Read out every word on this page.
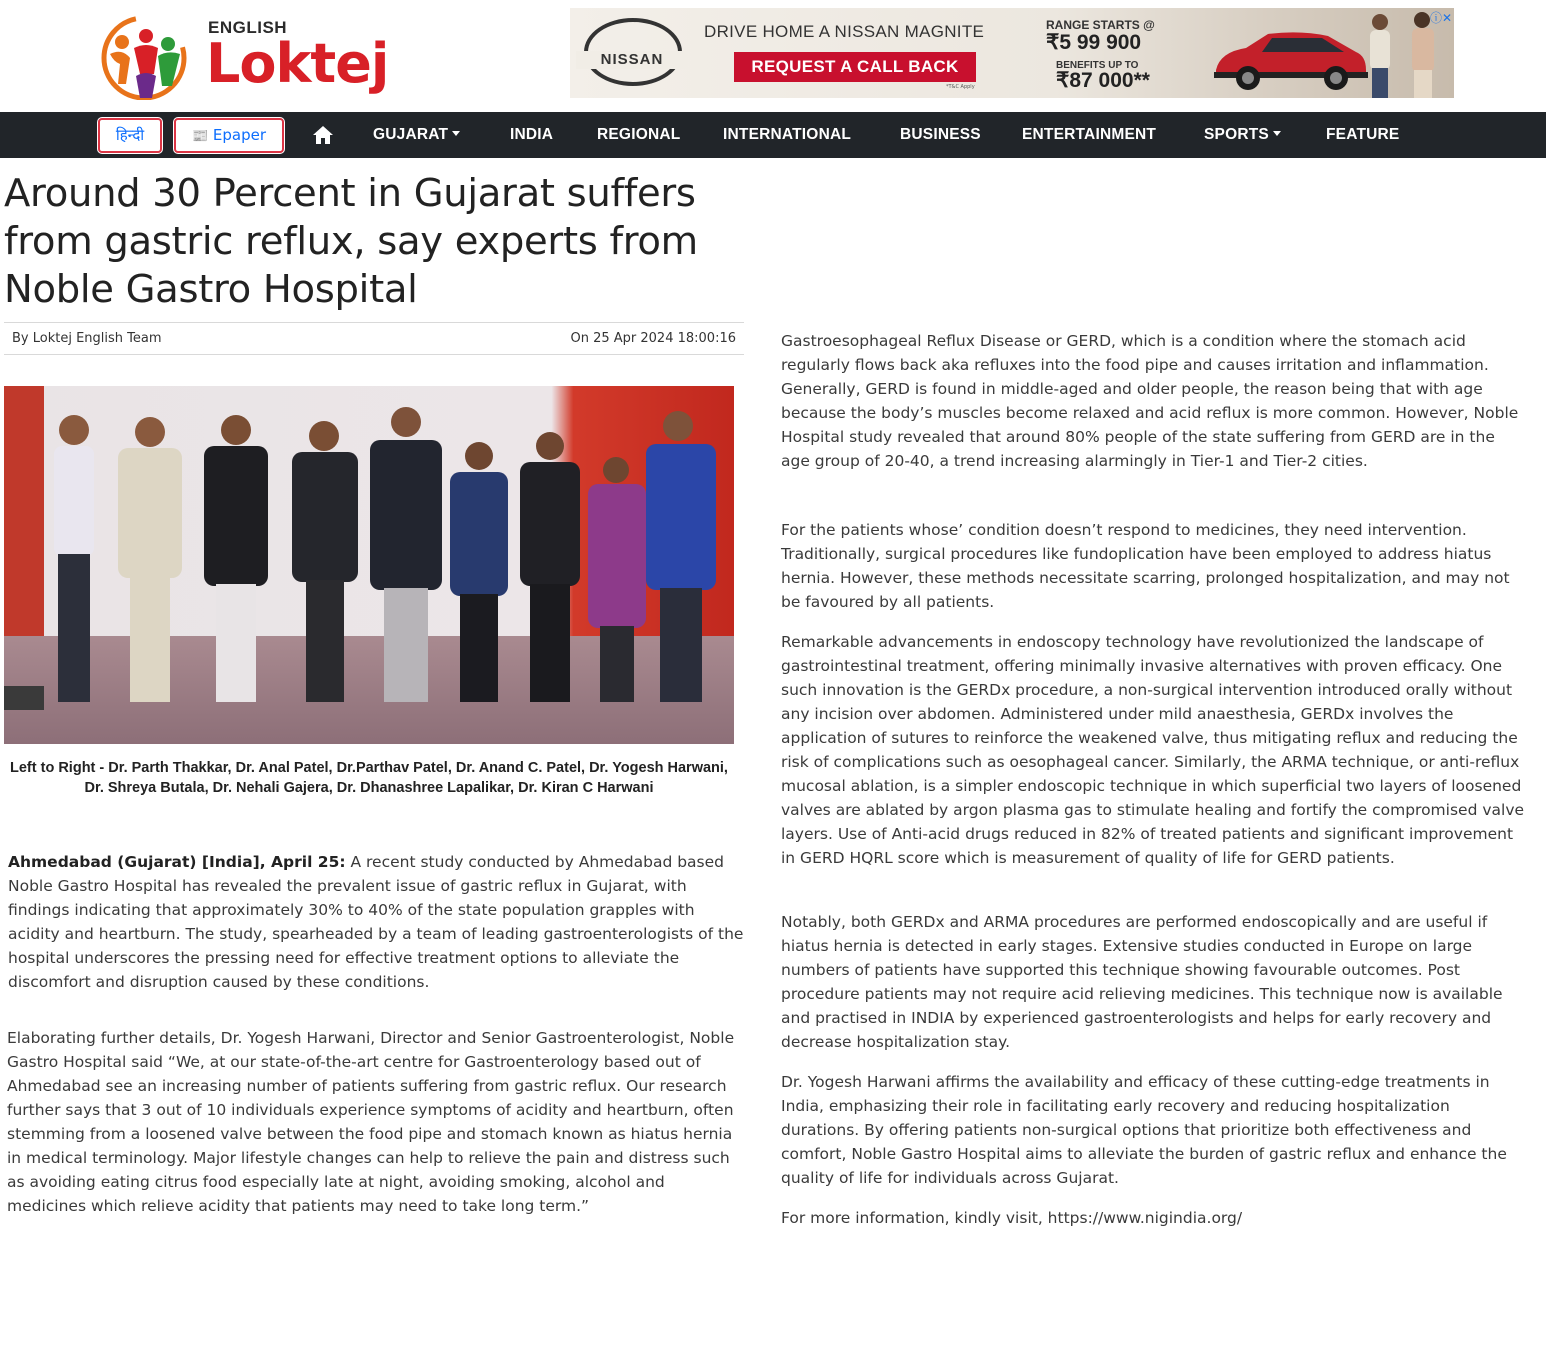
ENGLISH
Loktej	NISSAN
DRIVE HOME A NISSAN MAGNITE
REQUEST A CALL BACK
*T&C Apply
RANGE STARTS @
₹5 99 900
BENEFITS UP TO
₹87 000**
ⓘ✕
हिन्दी	📰 Epaper	GUJARAT	INDIA	REGIONAL	INTERNATIONAL	BUSINESS	ENTERTAINMENT	SPORTS	FEATURE
Around 30 Percent in Gujarat suffers from gastric reflux, say experts from Noble Gastro Hospital
By Loktej English Team	On 25 Apr 2024 18:00:16
Left to Right - Dr. Parth Thakkar, Dr. Anal Patel, Dr.Parthav Patel, Dr. Anand C. Patel, Dr. Yogesh Harwani, Dr. Shreya Butala, Dr. Nehali Gajera, Dr. Dhanashree Lapalikar, Dr. Kiran C Harwani

Ahmedabad (Gujarat) [India], April 25: A recent study conducted by Ahmedabad based Noble Gastro Hospital has revealed the prevalent issue of gastric reflux in Gujarat, with findings indicating that approximately 30% to 40% of the state population grapples with acidity and heartburn. The study, spearheaded by a team of leading gastroenterologists of the hospital underscores the pressing need for effective treatment options to alleviate the discomfort and disruption caused by these conditions.

Elaborating further details, Dr. Yogesh Harwani, Director and Senior Gastroenterologist, Noble Gastro Hospital said “We, at our state-of-the-art centre for Gastroenterology based out of Ahmedabad see an increasing number of patients suffering from gastric reflux. Our research further says that 3 out of 10 individuals experience symptoms of acidity and heartburn, often stemming from a loosened valve between the food pipe and stomach known as hiatus hernia in medical terminology. Major lifestyle changes can help to relieve the pain and distress such as avoiding eating citrus food especially late at night, avoiding smoking, alcohol and medicines which relieve acidity that patients may need to take long term.”

Gastroesophageal Reflux Disease or GERD, which is a condition where the stomach acid regularly flows back aka refluxes into the food pipe and causes irritation and inflammation. Generally, GERD is found in middle-aged and older people, the reason being that with age because the body’s muscles become relaxed and acid reflux is more common. However, Noble Hospital study revealed that around 80% people of the state suffering from GERD are in the age group of 20-40, a trend increasing alarmingly in Tier-1 and Tier-2 cities.

For the patients whose’ condition doesn’t respond to medicines, they need intervention. Traditionally, surgical procedures like fundoplication have been employed to address hiatus hernia. However, these methods necessitate scarring, prolonged hospitalization, and may not be favoured by all patients.

Remarkable advancements in endoscopy technology have revolutionized the landscape of gastrointestinal treatment, offering minimally invasive alternatives with proven efficacy. One such innovation is the GERDx procedure, a non-surgical intervention introduced orally without any incision over abdomen. Administered under mild anaesthesia, GERDx involves the application of sutures to reinforce the weakened valve, thus mitigating reflux and reducing the risk of complications such as oesophageal cancer. Similarly, the ARMA technique, or anti-reflux mucosal ablation, is a simpler endoscopic technique in which superficial two layers of loosened valves are ablated by argon plasma gas to stimulate healing and fortify the compromised valve layers. Use of Anti-acid drugs reduced in 82% of treated patients and significant improvement in GERD HQRL score which is measurement of quality of life for GERD patients.

Notably, both GERDx and ARMA procedures are performed endoscopically and are useful if hiatus hernia is detected in early stages. Extensive studies conducted in Europe on large numbers of patients have supported this technique showing favourable outcomes. Post procedure patients may not require acid relieving medicines. This technique now is available and practised in INDIA by experienced gastroenterologists and helps for early recovery and decrease hospitalization stay.

Dr. Yogesh Harwani affirms the availability and efficacy of these cutting-edge treatments in India, emphasizing their role in facilitating early recovery and reducing hospitalization durations. By offering patients non-surgical options that prioritize both effectiveness and comfort, Noble Gastro Hospital aims to alleviate the burden of gastric reflux and enhance the quality of life for individuals across Gujarat.

For more information, kindly visit, https://www.nigindia.org/
